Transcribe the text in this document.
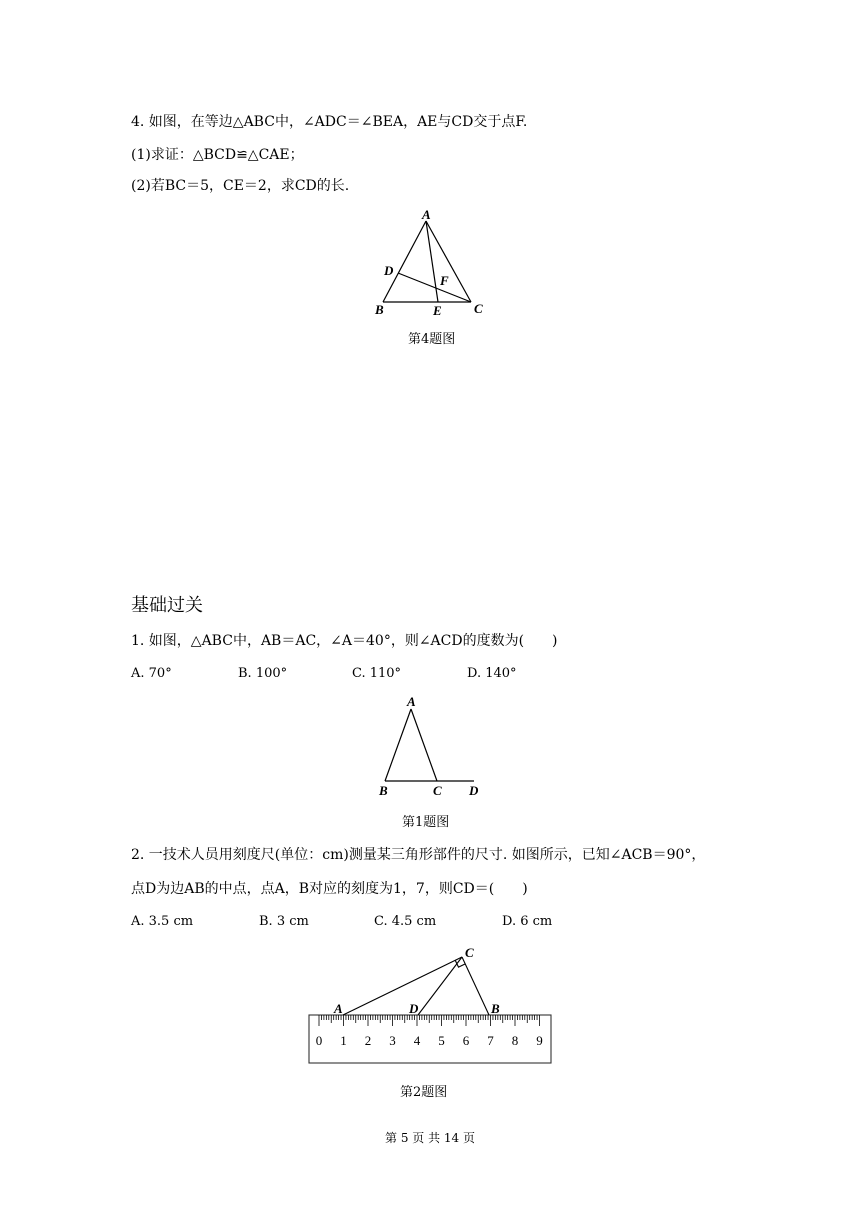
4. 如图，在等边△ABC中，∠ADC＝∠BEA，AE与CD交于点F.
(1)求证：△BCD≌△CAE；
(2)若BC＝5，CE＝2，求CD的长.
A
D
F
B	E C
第4题图
基础过关
1. 如图，△ABC中，AB＝AC，∠A＝40°，则∠ACD的度数为(　　)
A. 70°	B. 100°	C. 110°	D. 140°
A
B	C D
第1题图
2. 一技术人员用刻度尺(单位：cm)测量某三角形部件的尺寸. 如图所示，已知∠ACB＝90°，
点D为边AB的中点，点A，B对应的刻度为1，7，则CD＝(　　)
A. 3.5 cm	B. 3 cm	C. 4.5 cm	D. 6 cm
0 1 2 3 4 5 6 7 8 9
C
A	D	B
第2题图
第 5 页 共 14 页
